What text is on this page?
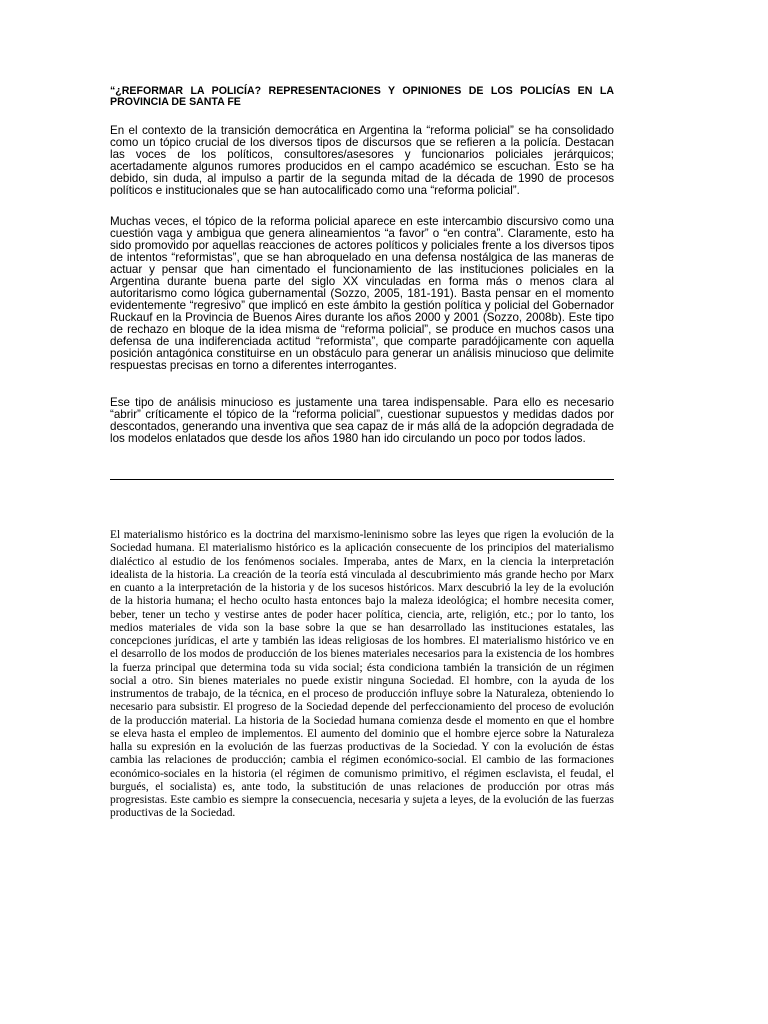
“¿REFORMAR LA POLICÍA? REPRESENTACIONES Y OPINIONES DE LOS POLICÍAS EN LA PROVINCIA DE SANTA FE

En el contexto de la transición democrática en Argentina la “reforma policial” se ha consolidado como un tópico crucial de los diversos tipos de discursos que se refieren a la policía. Destacan las voces de los políticos, consultores/asesores y funcionarios policiales jerárquicos; acertadamente algunos rumores producidos en el campo académico se escuchan. Esto se ha debido, sin duda, al impulso a partir de la segunda mitad de la década de 1990 de procesos políticos e institucionales que se han autocalificado como una “reforma policial”.

Muchas veces, el tópico de la reforma policial aparece en este intercambio discursivo como una cuestión vaga y ambigua que genera alineamientos “a favor” o “en contra”. Claramente, esto ha sido promovido por aquellas reacciones de actores políticos y policiales frente a los diversos tipos de intentos “reformistas”, que se han abroquelado en una defensa nostálgica de las maneras de actuar y pensar que han cimentado el funcionamiento de las instituciones policiales en la Argentina durante buena parte del siglo XX vinculadas en forma más o menos clara al autoritarismo como lógica gubernamental (Sozzo, 2005, 181-191). Basta pensar en el momento evidentemente “regresivo” que implicó en este ámbito la gestión política y policial del Gobernador Ruckauf en la Provincia de Buenos Aires durante los años 2000 y 2001 (Sozzo, 2008b). Este tipo de rechazo en bloque de la idea misma de “reforma policial”, se produce en muchos casos una defensa de una indiferenciada actitud “reformista”, que comparte paradójicamente con aquella posición antagónica constituirse en un obstáculo para generar un análisis minucioso que delimite respuestas precisas en torno a diferentes interrogantes.

Ese tipo de análisis minucioso es justamente una tarea indispensable. Para ello es necesario “abrir” críticamente el tópico de la “reforma policial”, cuestionar supuestos y medidas dados por descontados, generando una inventiva que sea capaz de ir más allá de la adopción degradada de los modelos enlatados que desde los años 1980 han ido circulando un poco por todos lados.

El materialismo histórico es la doctrina del marxismo-leninismo sobre las leyes que rigen la evolución de la Sociedad humana. El materialismo histórico es la aplicación consecuente de los principios del materialismo dialéctico al estudio de los fenómenos sociales. Imperaba, antes de Marx, en la ciencia la interpretación idealista de la historia. La creación de la teoría está vinculada al descubrimiento más grande hecho por Marx en cuanto a la interpretación de la historia y de los sucesos históricos. Marx descubrió la ley de la evolución de la historia humana; el hecho oculto hasta entonces bajo la maleza ideológica; el hombre necesita comer, beber, tener un techo y vestirse antes de poder hacer política, ciencia, arte, religión, etc.; por lo tanto, los medios materiales de vida son la base sobre la que se han desarrollado las instituciones estatales, las concepciones jurídicas, el arte y también las ideas religiosas de los hombres. El materialismo histórico ve en el desarrollo de los modos de producción de los bienes materiales necesarios para la existencia de los hombres la fuerza principal que determina toda su vida social; ésta condiciona también la transición de un régimen social a otro. Sin bienes materiales no puede existir ninguna Sociedad. El hombre, con la ayuda de los instrumentos de trabajo, de la técnica, en el proceso de producción influye sobre la Naturaleza, obteniendo lo necesario para subsistir. El progreso de la Sociedad depende del perfeccionamiento del proceso de evolución de la producción material. La historia de la Sociedad humana comienza desde el momento en que el hombre se eleva hasta el empleo de implementos. El aumento del dominio que el hombre ejerce sobre la Naturaleza halla su expresión en la evolución de las fuerzas productivas de la Sociedad. Y con la evolución de éstas cambia las relaciones de producción; cambia el régimen económico-social. El cambio de las formaciones económico-sociales en la historia (el régimen de comunismo primitivo, el régimen esclavista, el feudal, el burgués, el socialista) es, ante todo, la substitución de unas relaciones de producción por otras más progresistas. Este cambio es siempre la consecuencia, necesaria y sujeta a leyes, de la evolución de las fuerzas productivas de la Sociedad.
